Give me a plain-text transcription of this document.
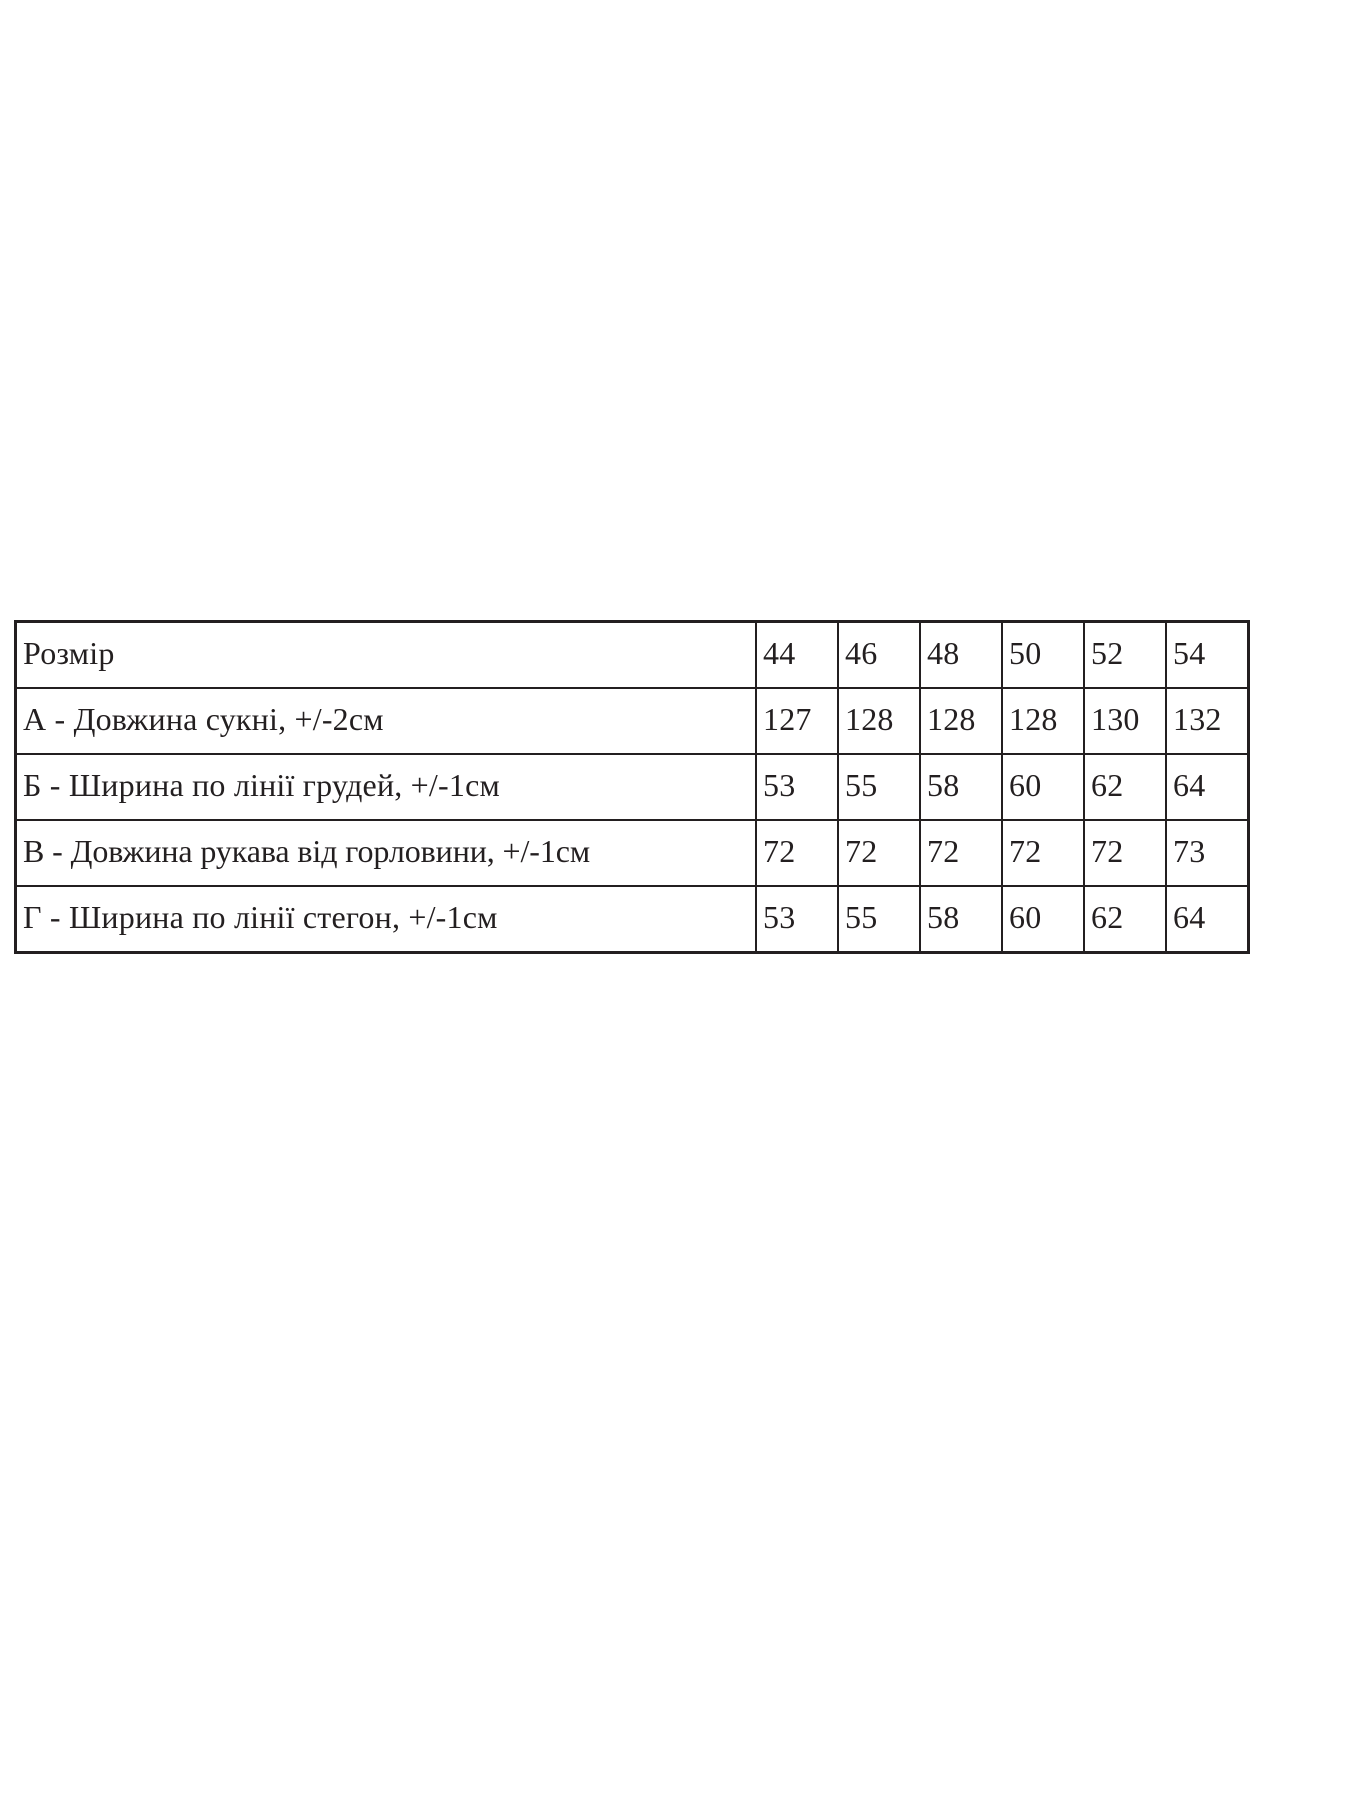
Розмір	44	46	48	50	52	54
А - Довжина сукні, +/-2см	127	128	128	128	130	132
Б - Ширина по лінії грудей, +/-1см	53	55	58	60	62	64
В - Довжина рукава від горловини, +/-1см	72	72	72	72	72	73
Г - Ширина по лінії стегон, +/-1см	53	55	58	60	62	64
